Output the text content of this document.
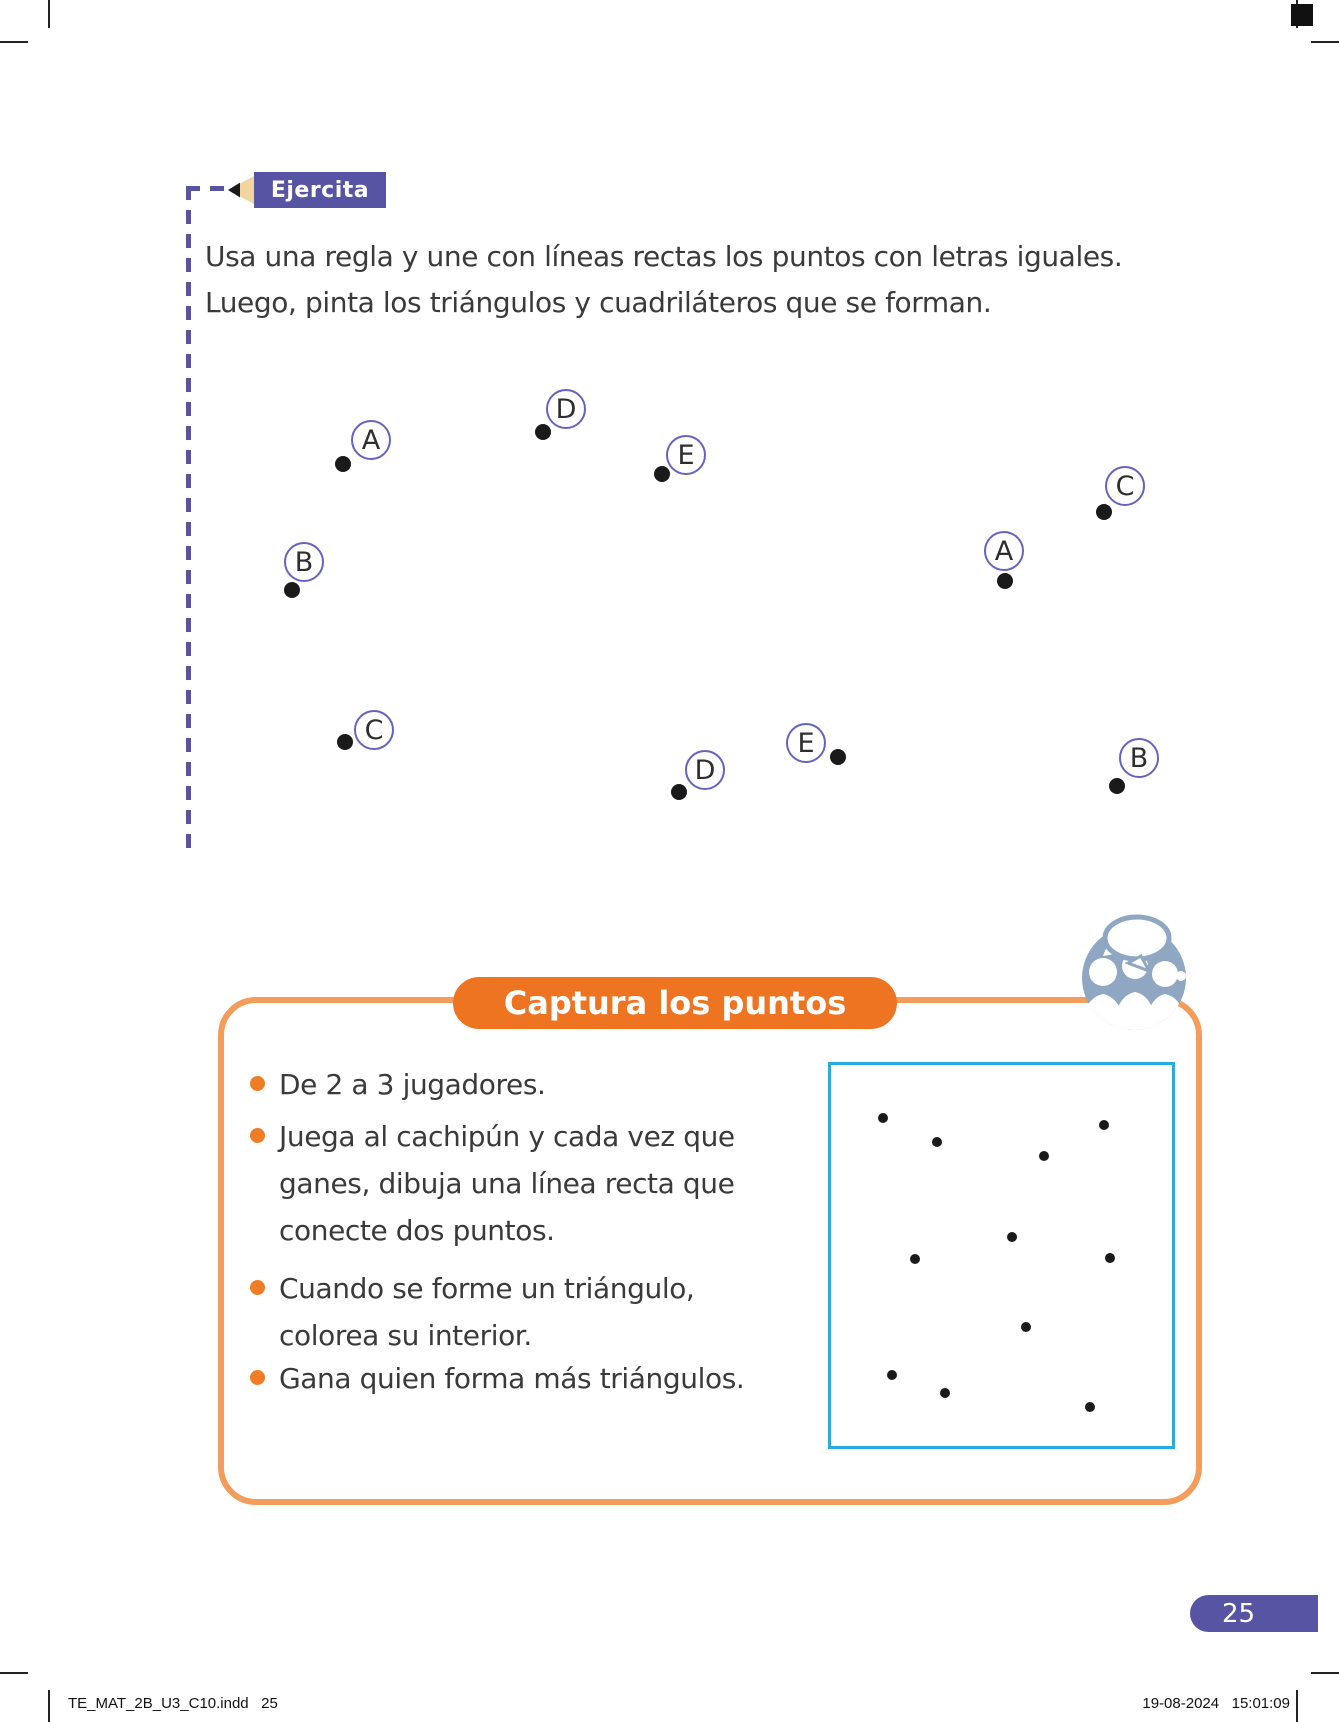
Ejercita
Usa una regla y une con líneas rectas los puntos con letras iguales.
Luego, pinta los triángulos y cuadriláteros que se forman.
A
D
E
C
B	A
C
D
E	B
De 2 a 3 jugadores.
Juega al cachipún y cada vez que ganes, dibuja una línea recta que conecte dos puntos.
Cuando se forme un triángulo, colorea su interior.
Gana quien forma más triángulos.
Captura los puntos
25
TE_MAT_2B_U3_C10.indd   25	19-08-2024   15:01:09
